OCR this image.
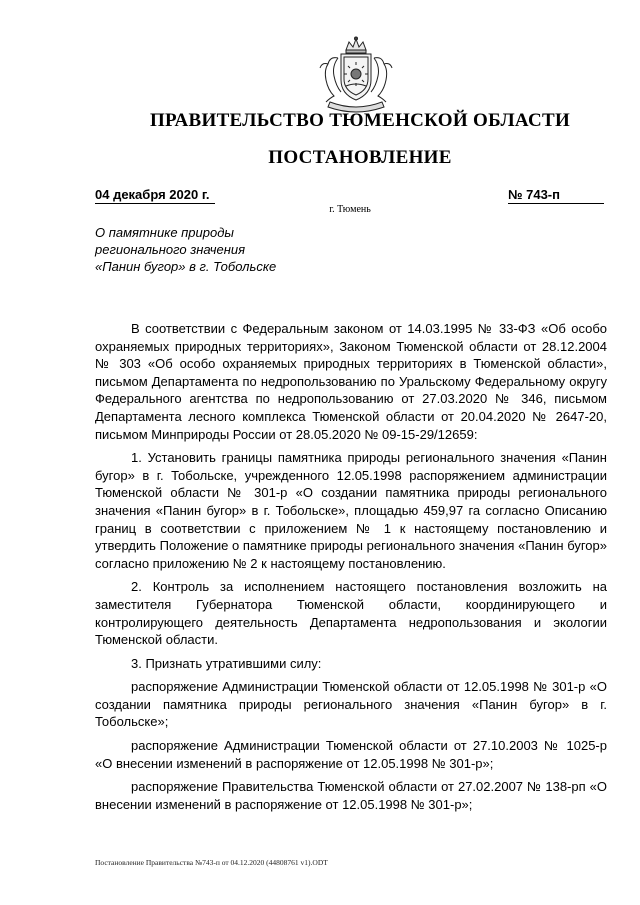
ПРАВИТЕЛЬСТВО ТЮМЕНСКОЙ ОБЛАСТИ
ПОСТАНОВЛЕНИЕ
04 декабря 2020 г.	№ 743-п
г. Тюмень
О памятнике природы
регионального значения
«Панин бугор» в г. Тобольске

В соответствии с Федеральным законом от 14.03.1995 № 33-ФЗ «Об особо охраняемых природных территориях», Законом Тюменской области от 28.12.2004 № 303 «Об особо охраняемых природных территориях в Тюменской области», письмом Департамента по недропользованию по Уральскому Федеральному округу Федерального агентства по недропользованию от 27.03.2020 № 346, письмом Департамента лесного комплекса Тюменской области от 20.04.2020 № 2647-20, письмом Минприроды России от 28.05.2020 № 09-15-29/12659:

1. Установить границы памятника природы регионального значения «Панин бугор» в г. Тобольске, учрежденного 12.05.1998 распоряжением администрации Тюменской области № 301-р «О создании памятника природы регионального значения «Панин бугор» в г. Тобольске», площадью 459,97 га согласно Описанию границ в соответствии с приложением № 1 к настоящему постановлению и утвердить Положение о памятнике природы регионального значения «Панин бугор» согласно приложению № 2 к настоящему постановлению.

2. Контроль за исполнением настоящего постановления возложить на заместителя Губернатора Тюменской области, координирующего и контролирующего деятельность Департамента недропользования и экологии Тюменской области.

3. Признать утратившими силу:

распоряжение Администрации Тюменской области от 12.05.1998 № 301-р «О создании памятника природы регионального значения «Панин бугор» в г. Тобольске»;

распоряжение Администрации Тюменской области от 27.10.2003 № 1025-р «О внесении изменений в распоряжение от 12.05.1998 № 301-р»;

распоряжение Правительства Тюменской области от 27.02.2007 № 138-рп «О внесении изменений в распоряжение от 12.05.1998 № 301-р»;

Постановление Правительства №743-п от 04.12.2020 (44808761 v1).ODT
